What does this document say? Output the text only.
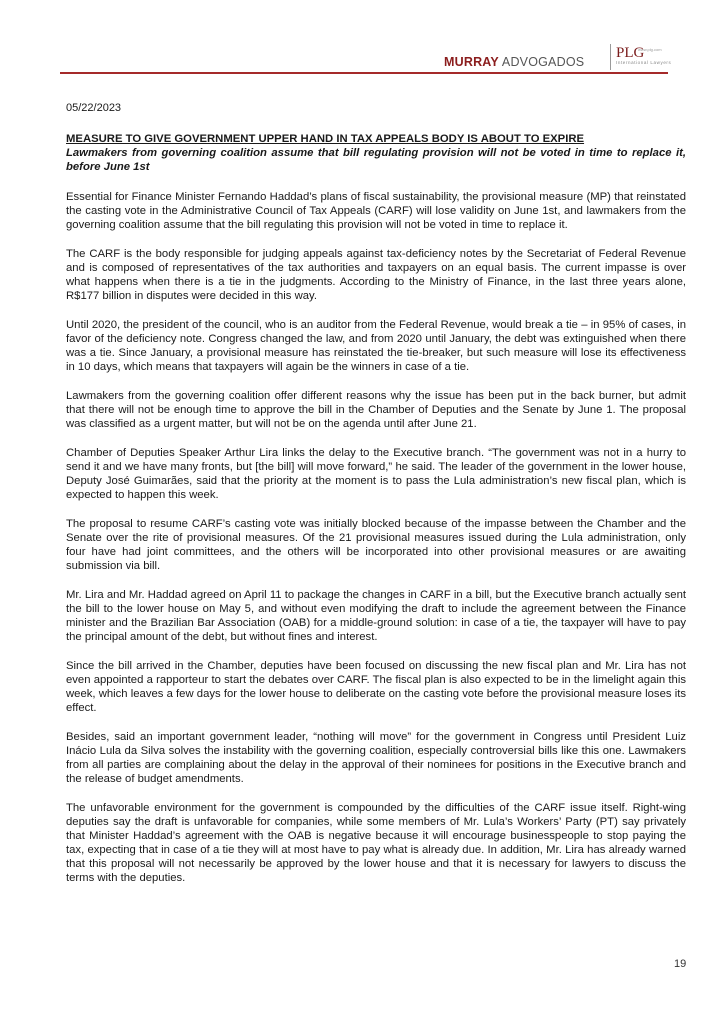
MURRAY ADVOGADOS
PLG
www.plg.com
International Lawyers
05/22/2023
MEASURE TO GIVE GOVERNMENT UPPER HAND IN TAX APPEALS BODY IS ABOUT TO EXPIRE
Lawmakers from governing coalition assume that bill regulating provision will not be voted in time to replace it, before June 1st

Essential for Finance Minister Fernando Haddad’s plans of fiscal sustainability, the provisional measure (MP) that reinstated the casting vote in the Administrative Council of Tax Appeals (CARF) will lose validity on June 1st, and lawmakers from the governing coalition assume that the bill regulating this provision will not be voted in time to replace it.

The CARF is the body responsible for judging appeals against tax-deficiency notes by the Secretariat of Federal Revenue and is composed of representatives of the tax authorities and taxpayers on an equal basis. The current impasse is over what happens when there is a tie in the judgments. According to the Ministry of Finance, in the last three years alone, R$177 billion in disputes were decided in this way.

Until 2020, the president of the council, who is an auditor from the Federal Revenue, would break a tie – in 95% of cases, in favor of the deficiency note. Congress changed the law, and from 2020 until January, the debt was extinguished when there was a tie. Since January, a provisional measure has reinstated the tie-breaker, but such measure will lose its effectiveness in 10 days, which means that taxpayers will again be the winners in case of a tie.

Lawmakers from the governing coalition offer different reasons why the issue has been put in the back burner, but admit that there will not be enough time to approve the bill in the Chamber of Deputies and the Senate by June 1. The proposal was classified as a urgent matter, but will not be on the agenda until after June 21.

Chamber of Deputies Speaker Arthur Lira links the delay to the Executive branch. “The government was not in a hurry to send it and we have many fronts, but [the bill] will move forward,” he said. The leader of the government in the lower house, Deputy José Guimarães, said that the priority at the moment is to pass the Lula administration’s new fiscal plan, which is expected to happen this week.

The proposal to resume CARF’s casting vote was initially blocked because of the impasse between the Chamber and the Senate over the rite of provisional measures. Of the 21 provisional measures issued during the Lula administration, only four have had joint committees, and the others will be incorporated into other provisional measures or are awaiting submission via bill.

Mr. Lira and Mr. Haddad agreed on April 11 to package the changes in CARF in a bill, but the Executive branch actually sent the bill to the lower house on May 5, and without even modifying the draft to include the agreement between the Finance minister and the Brazilian Bar Association (OAB) for a middle-ground solution: in case of a tie, the taxpayer will have to pay the principal amount of the debt, but without fines and interest.

Since the bill arrived in the Chamber, deputies have been focused on discussing the new fiscal plan and Mr. Lira has not even appointed a rapporteur to start the debates over CARF. The fiscal plan is also expected to be in the limelight again this week, which leaves a few days for the lower house to deliberate on the casting vote before the provisional measure loses its effect.

Besides, said an important government leader, “nothing will move” for the government in Congress until President Luiz Inácio Lula da Silva solves the instability with the governing coalition, especially controversial bills like this one. Lawmakers from all parties are complaining about the delay in the approval of their nominees for positions in the Executive branch and the release of budget amendments.

The unfavorable environment for the government is compounded by the difficulties of the CARF issue itself. Right-wing deputies say the draft is unfavorable for companies, while some members of Mr. Lula’s Workers’ Party (PT) say privately that Minister Haddad’s agreement with the OAB is negative because it will encourage businesspeople to stop paying the tax, expecting that in case of a tie they will at most have to pay what is already due. In addition, Mr. Lira has already warned that this proposal will not necessarily be approved by the lower house and that it is necessary for lawyers to discuss the terms with the deputies.

19
